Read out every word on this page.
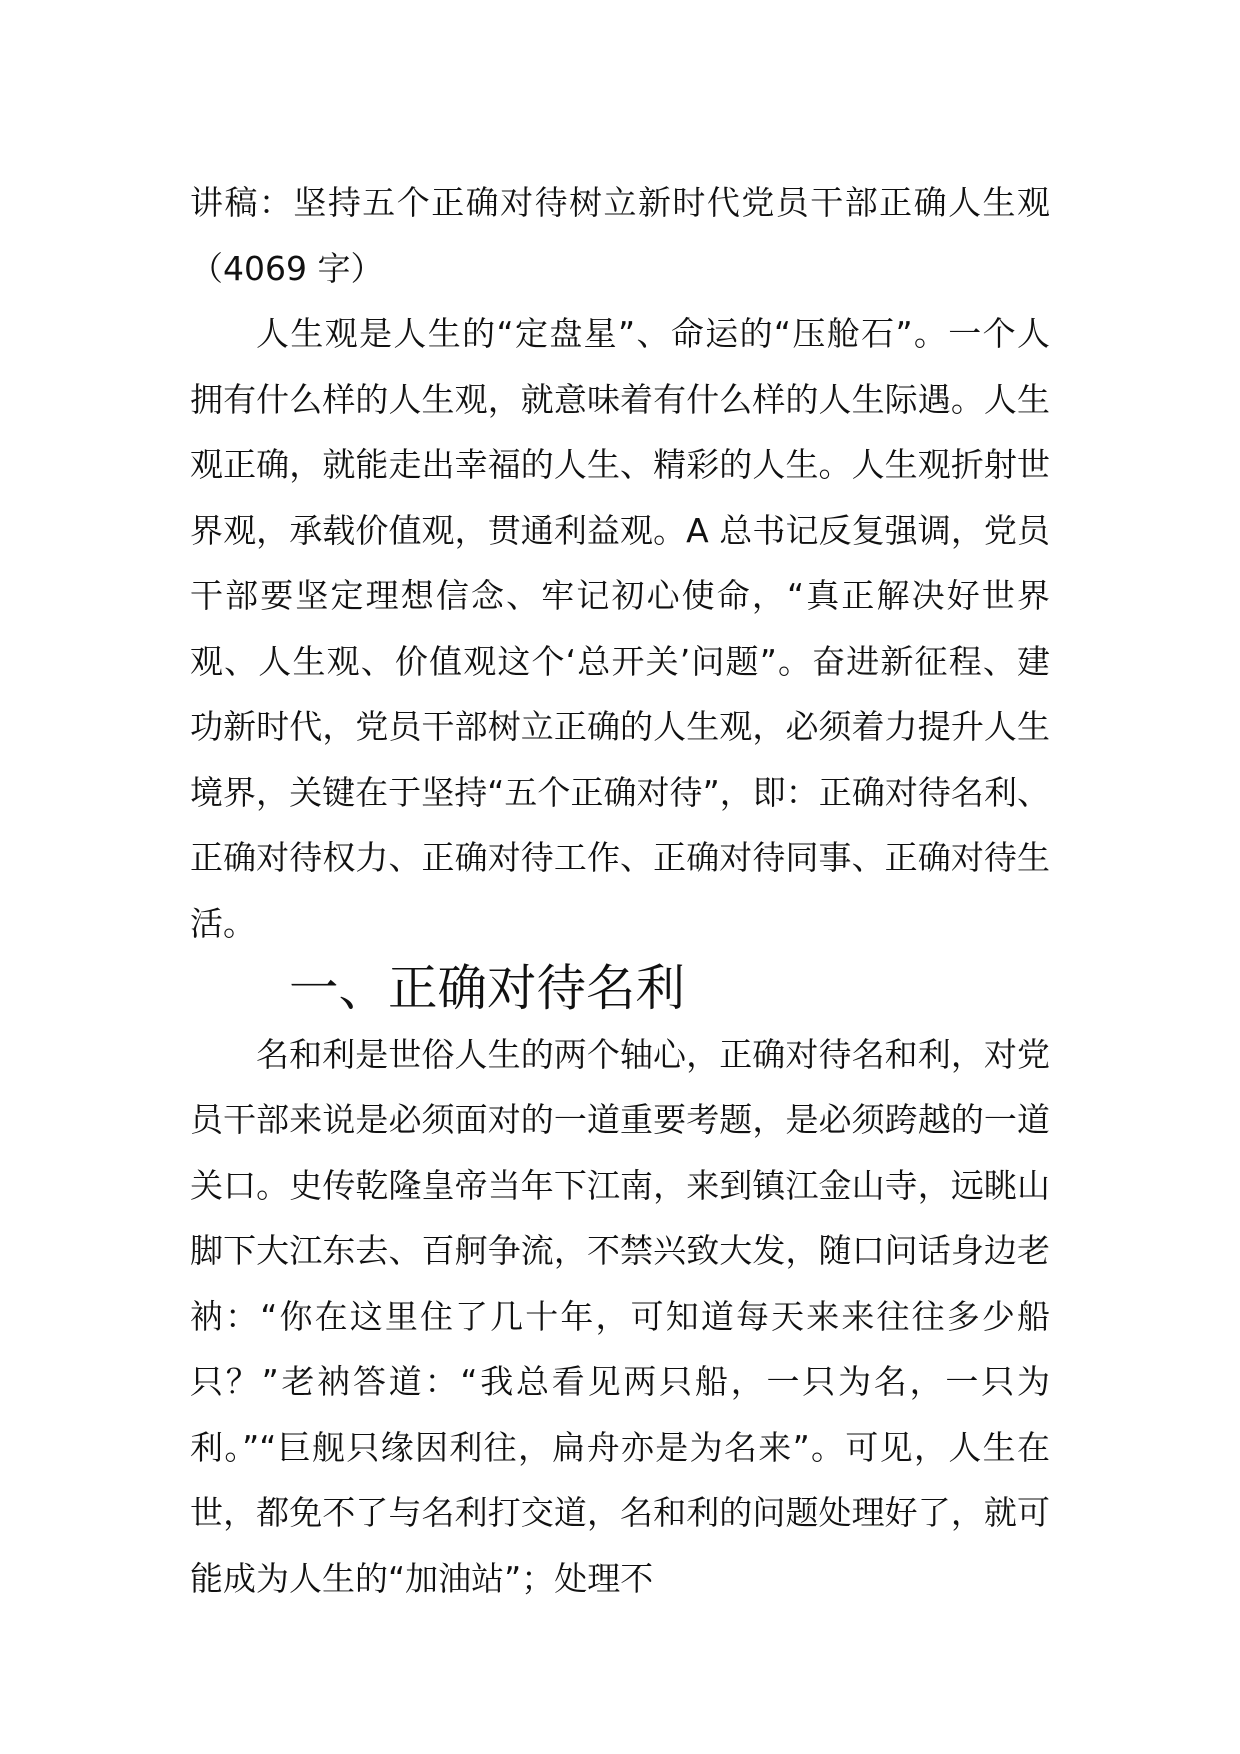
讲稿：坚持五个正确对待树立新时代党员干部正确人生观（4069 字）

人生观是人生的“定盘星”、命运的“压舱石”。一个人拥有什么样的人生观，就意味着有什么样的人生际遇。人生观正确，就能走出幸福的人生、精彩的人生。人生观折射世界观，承载价值观，贯通利益观。A 总书记反复强调，党员干部要坚定理想信念、牢记初心使命，“真正解决好世界观、人生观、价值观这个‘总开关’问题”。奋进新征程、建功新时代，党员干部树立正确的人生观，必须着力提升人生境界，关键在于坚持“五个正确对待”，即：正确对待名利、正确对待权力、正确对待工作、正确对待同事、正确对待生活。

一、正确对待名利

名和利是世俗人生的两个轴心，正确对待名和利，对党员干部来说是必须面对的一道重要考题，是必须跨越的一道关口。史传乾隆皇帝当年下江南，来到镇江金山寺，远眺山脚下大江东去、百舸争流，不禁兴致大发，随口问话身边老衲：“你在这里住了几十年，可知道每天来来往往多少船只？”老衲答道：“我总看见两只船，一只为名，一只为利。”“巨舰只缘因利往，扁舟亦是为名来”。可见，人生在世，都免不了与名利打交道，名和利的问题处理好了，就可能成为人生的“加油站”；处理不
